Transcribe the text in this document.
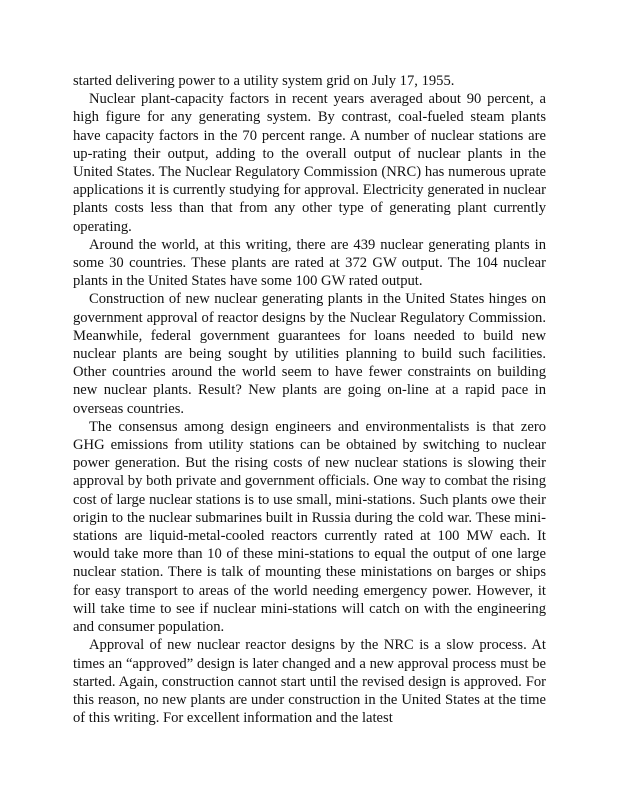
started delivering power to a utility system grid on July 17, 1955.

Nuclear plant-capacity factors in recent years averaged about 90 percent, a high figure for any generating system. By contrast, coal-fueled steam plants have capacity factors in the 70 percent range. A number of nuclear stations are up-rating their output, adding to the overall output of nuclear plants in the United States. The Nuclear Regulatory Commission (NRC) has numerous uprate applications it is currently studying for approval. Electricity generated in nuclear plants costs less than that from any other type of generating plant currently operating.

Around the world, at this writing, there are 439 nuclear generating plants in some 30 countries. These plants are rated at 372 GW output. The 104 nuclear plants in the United States have some 100 GW rated output.

Construction of new nuclear generating plants in the United States hinges on government approval of reactor designs by the Nuclear Regulatory Commission. Meanwhile, federal government guarantees for loans needed to build new nuclear plants are being sought by utilities planning to build such facilities. Other countries around the world seem to have fewer constraints on building new nuclear plants. Result? New plants are going on-line at a rapid pace in overseas countries.

The consensus among design engineers and environmentalists is that zero GHG emissions from utility stations can be obtained by switching to nuclear power generation. But the rising costs of new nuclear stations is slowing their approval by both private and government officials. One way to combat the rising cost of large nuclear stations is to use small, mini-stations. Such plants owe their origin to the nuclear submarines built in Russia during the cold war. These mini-stations are liquid-metal-cooled reactors currently rated at 100 MW each. It would take more than 10 of these mini-stations to equal the output of one large nuclear station. There is talk of mounting these ministations on barges or ships for easy transport to areas of the world needing emergency power. However, it will take time to see if nuclear mini-stations will catch on with the engineering and consumer population.

Approval of new nuclear reactor designs by the NRC is a slow process. At times an “approved” design is later changed and a new approval process must be started. Again, construction cannot start until the revised design is approved. For this reason, no new plants are under construction in the United States at the time of this writing. For excellent information and the latest
